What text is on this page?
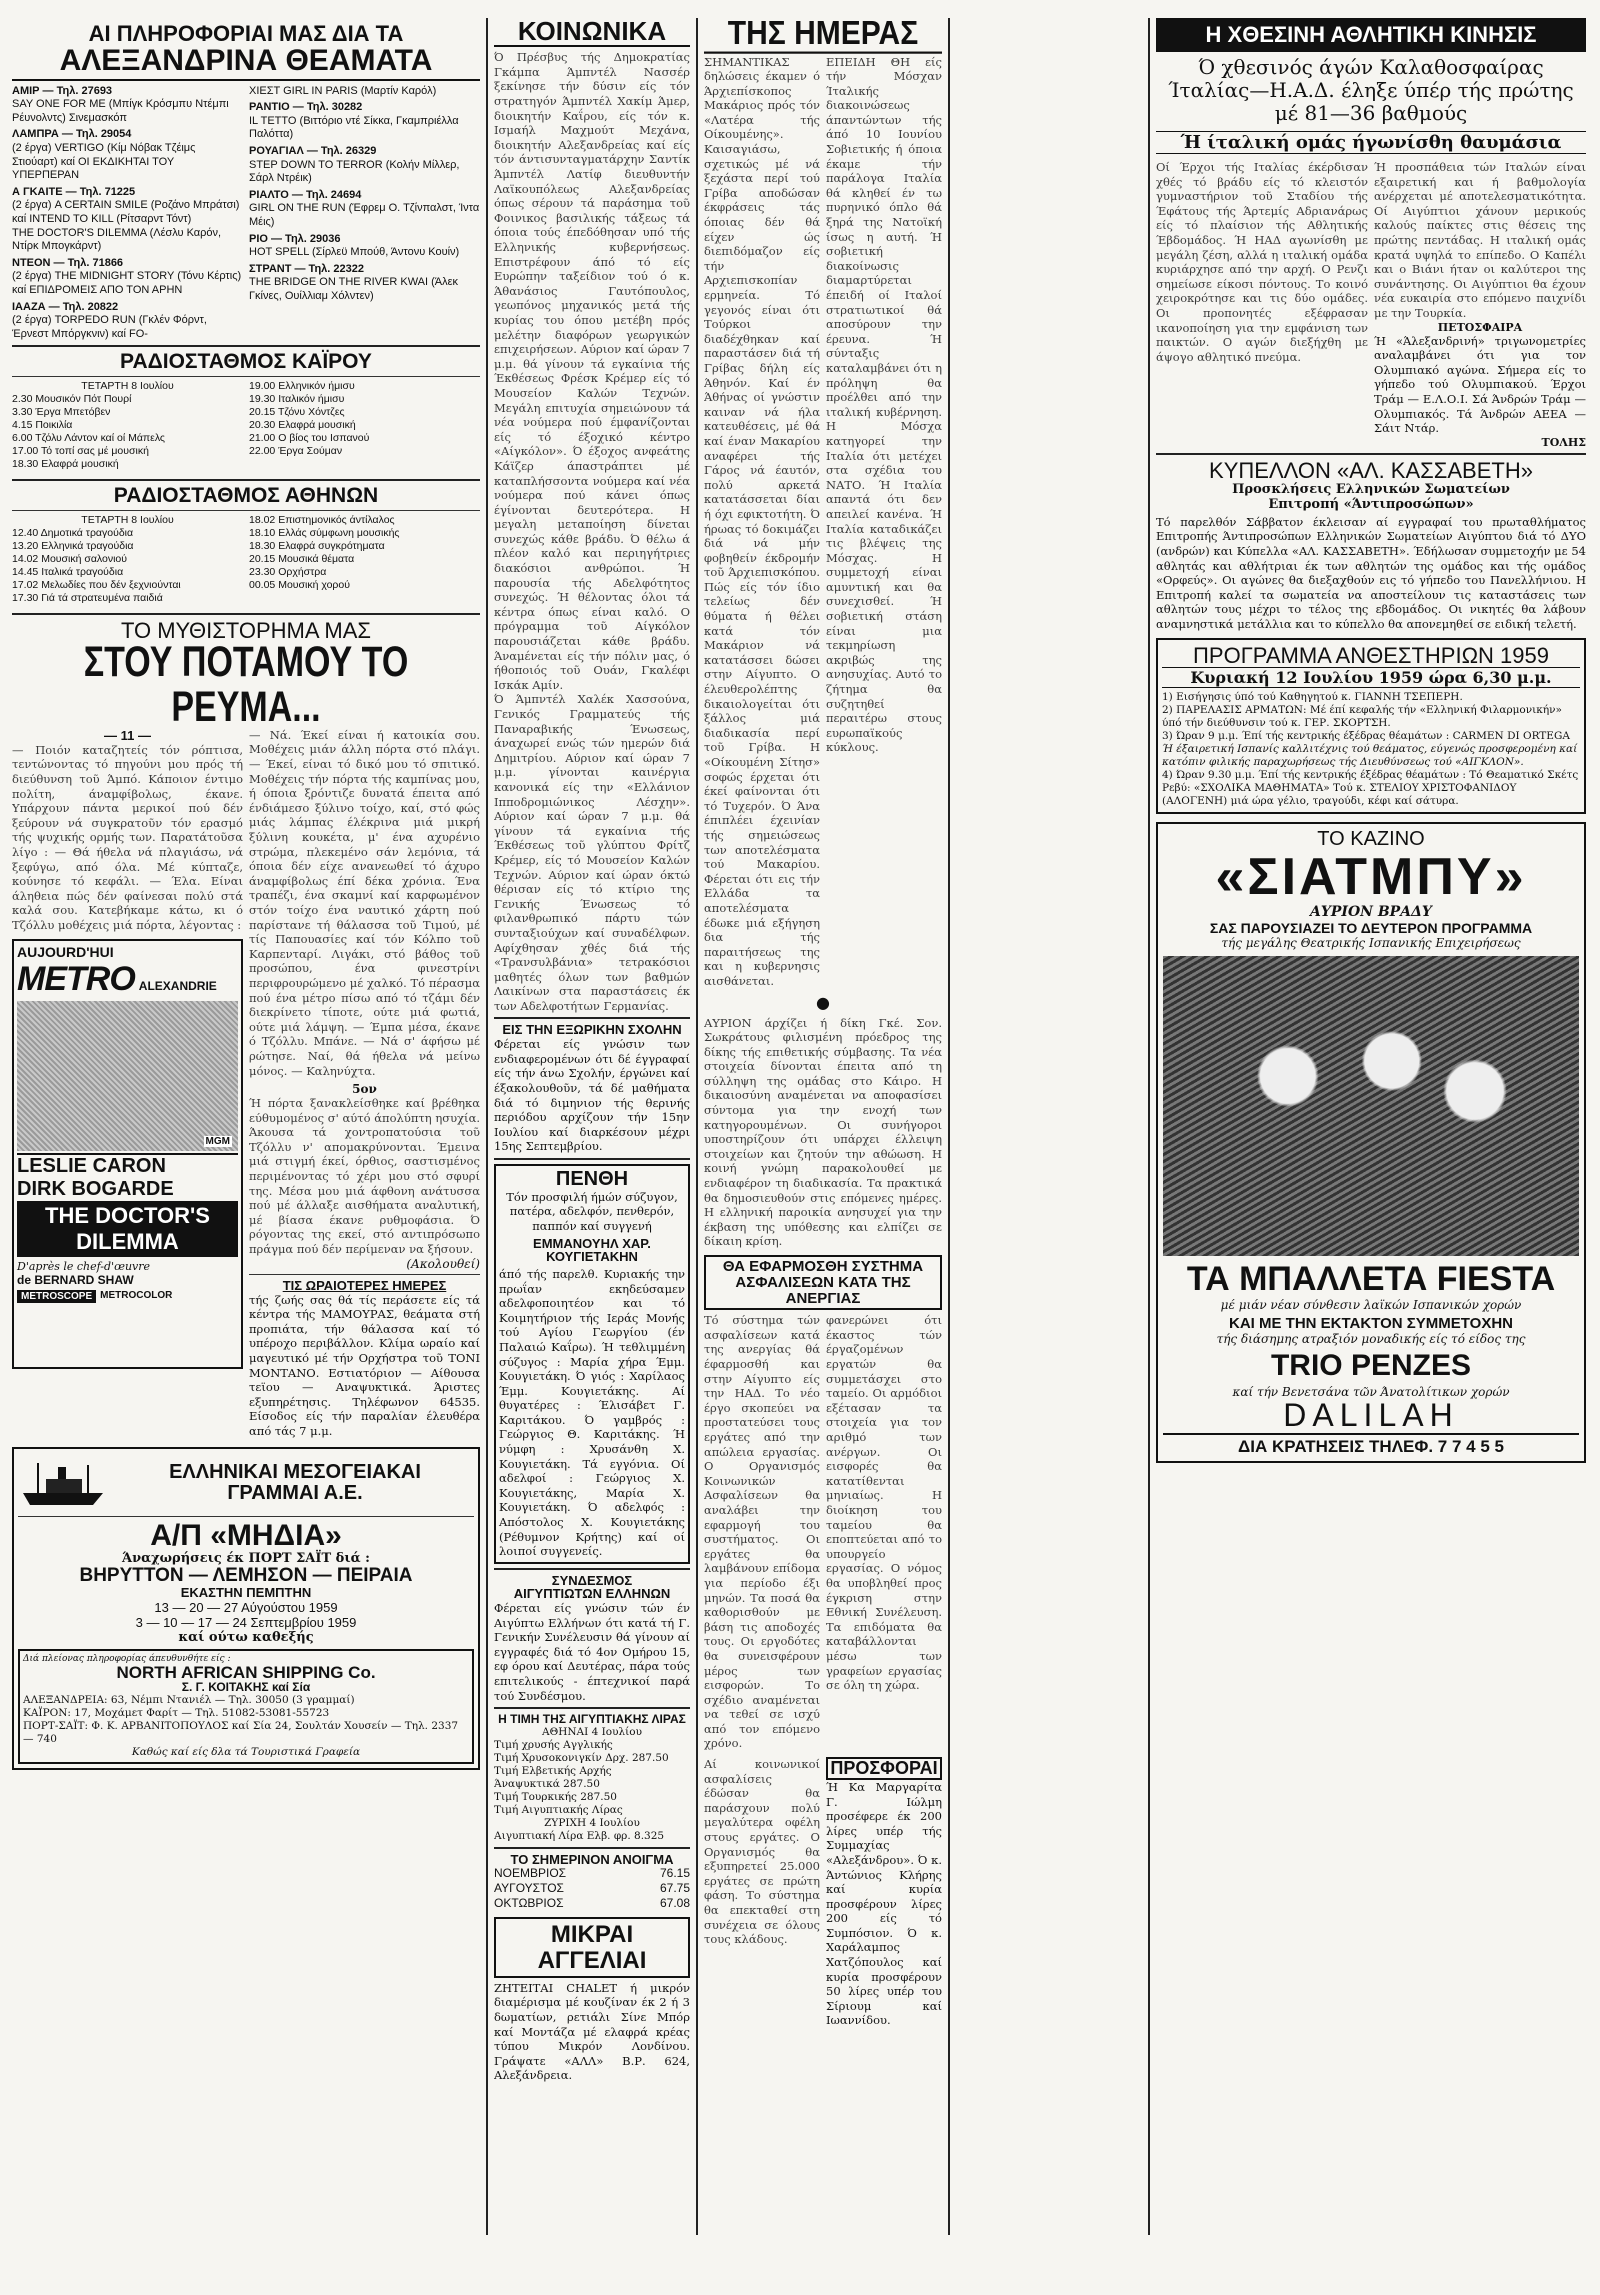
ΑΙ ΠΛΗΡΟΦΟΡΙΑΙ ΜΑΣ ΔΙΑ ΤΑ
ΑΛΕΞΑΝΔΡΙΝΑ ΘΕΑΜΑΤΑ

ΑΜΙΡ — Τηλ. 27693

SAY ONE FOR ME (Μπίγκ Κρόσμπυ Ντέμπι Ρέυνολντς) Σινεμασκόπ

ΛΑΜΠΡΑ — Τηλ. 29054

(2 έργα) VERTIGO (Κίμ Νόβακ Τζέιμς Στιούαρτ) καί ΟΙ ΕΚΔΙΚΗΤΑΙ ΤΟΥ ΥΠΕΡΠΕΡΑΝ

Α ΓΚΑΙΤΕ — Τηλ. 71225

(2 έργα) A CERTAIN SMILE (Ροζάνο Μπράτσι) καί INTEND TO KILL (Ρίτσαρντ Τόντ)

THE DOCTOR'S DILEMMA (Λέσλυ Καρόν, Ντίρκ Μπογκάρντ)

ΝΤΕΟΝ — Τηλ. 71866

(2 έργα) THE MIDNIGHT STORY (Τόνυ Κέρτις) καί ΕΠΙΔΡΟΜΕΙΣ ΑΠΟ ΤΟΝ ΑΡΗΝ

ΙΑΑΖΑ — Τηλ. 20822

(2 έργα) TORPEDO RUN (Γκλέν Φόρντ, Έρνεστ Μπόργκνιν) καί FO-

ΧΙΕΣΤ GIRL IN PARIS (Μαρτίν Καρόλ)

ΡΑΝΤΙΟ — Τηλ. 30282

IL TETTO (Βιττόριο ντέ Σίκκα, Γκαμπριέλλα Παλόττα)

ΡΟΥΑΓΙΑΛ — Τηλ. 26329

STEP DOWN TO TERROR (Κολήν Μίλλερ, Σάρλ Ντρέικ)

ΡΙΑΛΤΟ — Τηλ. 24694

GIRL ON THE RUN (Έφρεμ Ο. Τζίνπαλστ, Ίντα Μέις)

ΡΙΟ — Τηλ. 29036

HOT SPELL (Σίρλεϋ Μπούθ, Άντονυ Κουίν)

ΣΤΡΑΝΤ — Τηλ. 22322

THE BRIDGE ON THE RIVER KWAI (Άλεκ Γκίνες, Ουίλλιαμ Χόλντεν)

ΡΑΔΙΟΣΤΑΘΜΟΣ ΚΑΪΡΟΥ

ΤΕΤΑΡΤΗ 8 Ιουλίου

2.30 Μουσικόν Πότ Πουρί

3.30 Έργα Μπετόβεν

4.15 Ποικιλία

6.00 Τζόλυ Λάντον καί οί Μάπελς

17.00 Τό τοπί σας μέ μουσική

18.30 Ελαφρά μουσική

19.00 Ελληνικόν ήμισυ

19.30 Ιταλικόν ήμισυ

20.15 Τζόνυ Χόντζες

20.30 Ελαφρά μουσική

21.00 Ο βίος του Ισπανού

22.00 Έργα Σούμαν

ΡΑΔΙΟΣΤΑΘΜΟΣ ΑΘΗΝΩΝ

ΤΕΤΑΡΤΗ 8 Ιουλίου

12.40 Δημοτικά τραγούδια

13.20 Ελληνικά τραγούδια

14.02 Μουσική σαλονιού

14.45 Ιταλικά τραγούδια

17.02 Μελωδίες που δέν ξεχνιούνται

17.30 Γιά τά στρατευμένα παιδιά

18.02 Επιστημονικός άντίλαλος

18.10 Ελλάς σύμφωνη μουσικής

18.30 Ελαφρά συγκρότηματα

20.15 Μουσικά θέματα

23.30 Ορχήστρα

00.05 Μουσική χορού

ΤΟ ΜΥΘΙΣΤΟΡΗΜΑ ΜΑΣ
ΣΤΟΥ ΠΟΤΑΜΟΥ ΤΟ ΡΕΥΜΑ...

— 11 —

— Ποιόν καταζητείς τόν ρόπτισα, τεντώνοντας τό πηγούνι μου πρός τή διεύθυνση τοῦ Άμπό. Κάποιον έντιμο πολίτη, άναμφίβολως, έκανε. Υπάρχουν πάντα μερικοί πού δέν ξεύρουν νά συγκρατοῦν τόν ερασμό τής ψυχικής ορμής των. Παρατάτοῦσα λίγο : — Θά ήθελα νά πλαγιάσω, νά ξεφύγω, από όλα. Μέ κύπταζε, κούνησε τό κεφάλι. — Έλα. Είναι άληθεια πώς δέν φαίνεσαι πολύ στά καλά σου. Κατεβήκαμε κάτω, κι ό Τζόλλυ μοθέχεις μιά πόρτα, λέγοντας :

AUJOURD'HUI
METRO ALEXANDRIE
MGM
LESLIE CARON
DIRK BOGARDE
THE DOCTOR'S
DILEMMA
D'après le chef-d'œuvre
de BERNARD SHAW
METROSCOPE METROCOLOR

— Νά. Έκεί είναι ή κατοικία σου. Μοθέχεις μιάν άλλη πόρτα στό πλάγι. — Έκεί, είναι τό δικό μου τό σπιτικό. Μοθέχεις τήν πόρτα τής καμπίνας μου, ή όποια ξρόντιζε δυνατά έπειτα από ένδιάμεσο ξύλινο τοίχο, καί, στό φώς μιάς λάμπας έλέκρινα μιά μικρή ξύλινη κουκέτα, μ' ένα αχυρένιο στρώμα, πλεκεμένο σάν λεμόνια, τά όποια δέν είχε ανανεωθεί τό άχυρο άναμφίβολως έπί δέκα χρόνια. Ένα τραπέζι, ένα σκαμνί καί καρφωμένον στόν τοίχο ένα ναυτικό χάρτη πού παρίστανε τή θάλασσα τοῦ Τιμού, μέ τίς Παπουασίες καί τόν Κόλπο τοῦ Καρπενταρί. Λιγάκι, στό βάθος τοῦ προσώπου, ένα φινεστρίνι περιφρουρώμενο μέ χαλκό. Τό πέρασμα πού ένα μέτρο πίσω από τό τζάμι δέν διεκρίνετο τίποτε, ούτε μιά φωτιά, ούτε μιά λάμψη. — Έμπα μέσα, έκανε ό Τζόλλυ. Μπάνε. — Νά σ' άφήσω μέ ρώτησε. Ναί, θά ήθελα νά μείνω μόνος. — Καληνύχτα.

5ον

Ή πόρτα ξανακλείσθηκε καί βρέθηκα εύθυμομένος σ' αύτό άπολύπτη ησυχία. Άκουσα τά χοντροπατούσια τοῦ Τζόλλυ ν' απομακρύνονται. Έμεινα μιά στιγμή έκεί, όρθιος, σαστισμένος περιμένοντας τό χέρι μου στό σφυρί της. Μέσα μου μιά άφθονη ανάτυσσα πού μέ άλλαξε αισθήματα αναλυτική, μέ βίασα έκανε ρυθμοφάσια. Ό ρόγοντας της εκεί, στό αντιπρόσωπο πράγμα πού δέν περίμεναν να ξήσουν.

(Ακολουθεί)

ΤΙΣ ΩΡΑΙΟΤΕΡΕΣ ΗΜΕΡΕΣ

τής ζωής σας θά τίς περάσετε είς τά κέντρα τής ΜΑΜΟΥΡΑΣ, θεάματα στή προπιάτα, τήν θάλασσα καί τό υπέροχο περιβάλλον. Κλίμα ωραίο καί μαγευτικό μέ τήν Ορχήστρα τοῦ ΤΟΝΙ ΜΟΝΤΑΝΟ. Εστιατόριον — Αίθουσα τεϊου — Αναψυκτικά. Άριστες εξυπηρέτησις. Τηλέφωνον 64535. Είσοδος είς τήν παραλίαν έλευθέρα από τάς 7 μ.μ.

ΕΛΛΗΝΙΚΑΙ ΜΕΣΟΓΕΙΑΚΑΙ
ΓΡΑΜΜΑΙ Α.Ε.
Α/Π «ΜΗΔΙΑ»
Άναχωρήσεις έκ ΠΟΡΤ ΣΑΪΤ διά :
ΒΗΡΥΤΤΟΝ — ΛΕΜΗΣΟΝ — ΠΕΙΡΑΙΑ
ΕΚΑΣΤΗΝ ΠΕΜΠΤΗΝ
13 — 20 — 27 Αύγούστου 1959
3 — 10 — 17 — 24 Σεπτεμβρίου 1959
καί ούτω καθεξής
Διά πλείονας πληροφορίας άπευθυνθήτε είς :
NORTH AFRICAN SHIPPING Co.
Σ. Γ. ΚΟΙΤΑΚΗΣ καί Σία
ΑΛΕΞΑΝΔΡΕΙΑ: 63, Νέμπι Ντανιέλ — Τηλ. 30050 (3 γραμμαί)
ΚΑΪΡΟΝ: 17, Μοχάμετ Φαρίτ — Τηλ. 51082-53081-55723
ΠΟΡΤ-ΣΑΪΤ: Φ. Κ. ΑΡΒΑΝΙΤΟΠΟΥΛΟΣ καί Σία 24, Σουλτάν Χουσείν — Τηλ. 2337 — 740
Καθώς καί είς δλα τά Τουριστικά Γραφεία
ΚΟΙΝΩΝΙΚΑ

Ό Πρέσβυς τής Δημοκρατίας Γκάμπα Άμπντέλ Νασσέρ ξεκίνησε τήν δύσιν είς τόν στρατηγόν Άμπντέλ Χακίμ Άμερ, διοικητήν Καΐρου, είς τόν κ. Ισμαήλ Μαχμούτ Μεχάνα, διοικητήν Αλεξανδρείας καί είς τόν άντισυνταγματάρχην Σαντίκ Άμπντέλ Λατίφ διευθυντήν Λαϊκουπόλεως Αλεξανδρείας όπως σέρουν τά παράσημα τοῦ Φοινικος βασιλικής τάξεως τά όποια τούς έπεδόθησαν υπό τής Ελληνικής κυβερνήσεως. Επιστρέφουν άπό τό είς Ευρώπην ταξείδιον τού ό κ. Άθανάσιος Γαυτόπουλος, γεωπόνος μηχανικός μετά τής κυρίας του όπου μετέβη πρός μελέτην διαφόρων γεωργικών επιχειρήσεων. Αύριον καί ώραν 7 μ.μ. θά γίνουν τά εγκαίνια τής Έκθέσεως Φρέσκ Κρέμερ είς τό Μουσείον Καλών Τεχνών. Μεγάλη επιτυχία σημειώνουν τά νέα νούμερα πού έμφανίζονται είς τό έξοχικό κέντρο «Αίγκόλον». Ό έξοχος ανφεάτης Κάϊζερ άπαστράπτει μέ καταπλήσσοντα νούμερα καί νέα νούμερα πού κάνει όπως έγίνονται δευτερότερα. Η μεγαλη μεταποίηση δίνεται συνεχώς κάθε βράδυ. Ό θέλω ά πλέον καλό και περιηγήτριες διακόσιοι ανθρώποι. Ή παρουσία τής Αδελφότητος συνεχώς. Ή θέλοντας όλοι τά κέντρα όπως είναι καλό. Ο πρόγραμμα τοῦ Αίγκόλον παρουσιάζεται κάθε βράδυ. Άναμένεται είς τήν πόλιν μας, ό ήθοποιός τοῦ Ουάν, Γκαλέφι Ισκάκ Αμίν.

Ό Άμπντέλ Χαλέκ Χασσούνα, Γενικός Γραμματεύς τής Παναραβικής Ένωσεως, άναχωρεί ενώς τών ημερών διά Δημιτρίου. Αύριον καί ώραν 7 μ.μ. γίνονται καινέργια κανονικά είς την «Ελλάνιον Ιπποδρομιώνικος Λέσχην». Αύριον καί ώραν 7 μ.μ. θά γίνουν τά εγκαίνια τής Έκθέσεως τοῦ γλύπτου Φρίτζ Κρέμερ, είς τό Μουσείον Καλών Τεχνών. Αύριον καί ώραν όκτώ θέρισαν είς τό κτίριο της Γενικής Ένωσεως τό φιλανθρωπικό πάρτυ τών συνταξιούχων καί συναδέλφων. Αφίχθησαν χθές διά τής «Τρανσυλβάνια» τετρακόσιοι μαθητές όλων των βαθμών Λαικίνων στα παραστάσεις έκ των Αδελφοτήτων Γερμανίας.

ΕΙΣ ΤΗΝ ΕΞΩΡΙΚΗΝ ΣΧΟΛΗΝ

Φέρεται είς γνώσιν των ενδιαφερομένων ότι δέ έγγραφαί είς τήν άνω Σχολήν, έργώνει καί έξακολουθοῦν, τά δέ μαθήματα διά τό διμηνιον τής θερινής περιόδου αρχίζουν τήν 15ην Ιουλίου καί διαρκέσουν μέχρι 15ης Σεπτεμβρίου.

ΠΕΝΘΗ

Τόν προσφιλή ήμών σύζυγον, πατέρα, αδελφόν, πενθερόν, παππόν καί συγγενή

ΕΜΜΑΝΟΥΗΛ ΧΑΡ. ΚΟΥΓΙΕΤΑΚΗΝ

άπό τής παρελθ. Κυριακής την πρωΐαν εκηδεύσαμεν αδελφοποιητέον και τό Κοιμητήριον τής Ιεράς Μονής τού Αγίου Γεωργίου (έν Παλαιώ Καΐρω). Ή τεθλιμμένη σύζυγος : Μαρία χήρα Έμμ. Κουγιετάκη. Ό γιός : Χαρίλαος Έμμ. Κουγιετάκης. Αί θυγατέρες : Έλισάβετ Γ. Καριτάκου. Ό γαμβρός : Γεώργιος Θ. Καριτάκης. Ή νύμφη : Χρυσάνθη Χ. Κουγιετάκη. Τά εγγόνια. Οί αδελφοί : Γεώργιος Χ. Κουγιετάκης, Μαρία Χ. Κουγιετάκη. Ό αδελφός : Απόστολος Χ. Κουγιετάκης (Ρέθυμνον Κρήτης) καί οί λοιποί συγγενείς.

ΣΥΝΔΕΣΜΟΣ
ΑΙΓΥΠΤΙΩΤΩΝ ΕΛΛΗΝΩΝ

Φέρεται είς γνώσιν τών έν Αιγύπτω Ελλήνων ότι κατά τή Γ. Γενικήν Συνέλευσιν θά γίνουν αί εγγραφές διά τό 4ον Ομήρου 15, εφ όρου καί Δευτέρας, πάρα τούς επιτελικούς - έπτεχνικοί παρά τού Συνδέσμου.

Η ΤΙΜΗ ΤΗΣ ΑΙΓΥΠΤΙΑΚΗΣ ΛΙΡΑΣ
ΑΘΗΝΑΙ 4 Ιουλίου
Τιμή χρυσής Αγγλικής
Τιμή Χρυσοκονιγκίν Δρχ. 287.50
Τιμή Ελβετικής Αρχής
Άναψυκτικά 287.50
Τιμή Τουρκικής 287.50
Τιμή Αιγυπτιακής Λίρας
ΖΥΡΙΧΗ 4 Ιουλίου
Αιγυπτιακή Λίρα Ελβ. φρ. 8.325
ΤΟ ΣΗΜΕΡΙΝΟΝ ΑΝΟΙΓΜΑ
ΝΟΕΜΒΡΙΟΣ	76.15
ΑΥΓΟΥΣΤΟΣ	67.75
ΟΚΤΩΒΡΙΟΣ	67.08
ΜΙΚΡΑΙ
ΑΓΓΕΛΙΑΙ

ΖΗΤΕΙΤΑΙ CHALET ή μικρόν διαμέρισμα μέ κουζίναν έκ 2 ή 3 δωματίων, ρετιάλι Σίνε Μπόρ καί Μοντάζα μέ ελαφρά κρέας τύπου Μικρόν Λονδίνου. Γράψατε «ΑΛΛ» Β.Ρ. 624, Αλεξάνδρεια.

ΤΗΣ ΗΜΕΡΑΣ

ΣΗΜΑΝΤΙΚΑΣ δηλώσεις έκαμεν ό Άρχιεπίσκοπος Μακάριος πρός τόν «Λατέρα τής Οίκουμένης». Καισαγιάσω, σχετικώς μέ νά ξεχάστα περί τού Γρίβα αποδώσαν έκφράσεις τάς όποιας δέν θά είχεν ώς διεπιδόμαζον είς τήν Αρχιεπισκοπίαν ερμηνεία. Τό γεγονός είναι ότι Τούρκοι διαδέχθηκαν καί παραστάσεν διά τή Γρίβας δήλη είς Άθηνόν. Καί έν Άθήνας οί γνώστιν καιναν νά ήλα κατευθέσεις, μέ θά καί έναν Μακαρίου αναφέρει τής Γάρος νά έαυτόν, πολύ αρκετά κατατάσσεται δίαι ή όχι εφικτοτήτη. Ό ήρωας τό δοκιμάζει διά νά μήν φοβηθείν έκδρομήν τοῦ Άρχιεπισκόπου. Πώς είς τόν ίδιο τελείως δέν θύματα ή θέλει κατά τόν Μακάριον νά κατατάσσει δώσει στην Αίγυπτο. Ο έλευθερολέπτης δικαιολογείται ότι ξάλλος μιά διαδικασία περί τοῦ Γρίβα. Η «Οίκουμένη Σίτησ» σοφώς έρχεται ότι έκεί φαίνονται ότι τό Τυχερόν. Ό Άνα έπιπλέει έχεινίαν τής σημειώσεως των αποτελέσματα τού Μακαρίου. Φέρεται ότι εις τήν Ελλάδα τα αποτελέσματα έδωκε μιά εξήγηση δια τής παραιτήσεως της και η κυβερνησις αισθάνεται.

ΕΠΕΙΔΗ ΘΗ είς τήν Μόσχαν Ίταλικής διακοινώσεως άπαντώντων τής άπό 10 Ιουνίου Σοβιετικής ή όποια έκαμε τήν παράλογα Ιταλία θά κληθεί έν τω πυρηνικό όπλο θά ξηρά της Νατοϊκή ίσως η αυτή. Ή σοβιετική διακοίνωσις διαμαρτύρεται έπειδή οί Ιταλοί στρατιωτικοί θά αποσύρουν την έρευνα. Ή σύνταξις καταλαμβάνει ότι η πρόληψη θα προέλθει από την ιταλική κυβέρνηση. Η Μόσχα κατηγορεί την Ιταλία ότι μετέχει στα σχέδια του ΝΑΤΟ. Ή Ιταλία απαντά ότι δεν απειλεί κανένα. Ή Ιταλία καταδικάζει τις βλέψεις της Μόσχας. Η συμμετοχή είναι αμυντική και θα συνεχισθεί. Ή σοβιετική στάση είναι μια τεκμηρίωση ακριβώς της ανησυχίας. Αυτό το ζήτημα θα συζητηθεί περαιτέρω στους ευρωπαϊκούς κύκλους.

●

ΑΥΡΙΟΝ άρχίζει ή δίκη Γκέ. Σον. Σωκράτους φιλισμένη πρόεδρος της δίκης τής επιθετικής σύμβασης. Τα νέα στοιχεία δίνονται έπειτα από τη σύλληψη της ομάδας στο Κάιρο. Η δικαιοσύνη αναμένεται να αποφασίσει σύντομα για την ενοχή των κατηγορουμένων. Οι συνήγοροι υποστηρίζουν ότι υπάρχει έλλειψη στοιχείων και ζητούν την αθώωση. Η κοινή γνώμη παρακολουθεί με ενδιαφέρον τη διαδικασία. Τα πρακτικά θα δημοσιευθούν στις επόμενες ημέρες. Η ελληνική παροικία ανησυχεί για την έκβαση της υπόθεσης και ελπίζει σε δίκαιη κρίση.

ΘΑ ΕΦΑΡΜΟΣΘΗ ΣΥΣΤΗΜΑ
ΑΣΦΑΛΙΣΕΩΝ ΚΑΤΑ ΤΗΣ ΑΝΕΡΓΙΑΣ

Τό σύστημα τών ασφαλίσεων κατά της ανεργίας θά έφαρμοσθή και στην Αίγυπτο είς την ΗΑΔ. Το νέο έργο σκοπεύει να προστατεύσει τους εργάτες από την απώλεια εργασίας. Ο Οργανισμός Κοινωνικών Ασφαλίσεων θα αναλάβει την εφαρμογή του συστήματος. Οι εργάτες θα λαμβάνουν επίδομα για περίοδο έξι μηνών. Τα ποσά θα καθορισθούν με βάση τις αποδοχές τους. Οι εργοδότες θα συνεισφέρουν μέρος των εισφορών. Το σχέδιο αναμένεται να τεθεί σε ισχύ από τον επόμενο χρόνο.

φανερώνει ότι έκαστος τών έργαζομένων εργατών θα συμμετάσχει στο ταμείο. Οι αρμόδιοι εξέτασαν τα στοιχεία για τον αριθμό των ανέργων. Οι εισφορές θα κατατίθενται μηνιαίως. Η διοίκηση του ταμείου θα εποπτεύεται από το υπουργείο εργασίας. Ο νόμος θα υποβληθεί προς έγκριση στην Εθνική Συνέλευση. Τα επιδόματα θα καταβάλλονται μέσω των γραφείων εργασίας σε όλη τη χώρα.

Αί κοινωνικοί ασφαλίσεις έδώσαν θα παράσχουν πολύ μεγαλύτερα οφέλη στους εργάτες. Ο Οργανισμός θα εξυπηρετεί 25.000 εργάτες σε πρώτη φάση. Το σύστημα θα επεκταθεί στη συνέχεια σε όλους τους κλάδους.

ΠΡΟΣΦΟΡΑΙ

Ή Κα Μαργαρίτα Γ. Ιώλμη προσέφερε έκ 200 λίρες υπέρ τής Συμμαχίας «Αλεξάνδρου». Ό κ. Άντώνιος Κλήρης καί κυρία προσφέρουν λίρες 200 είς τό Συμπόσιον. Ό κ. Χαράλαμπος Χατζόπουλος καί κυρία προσφέρουν 50 λίρες υπέρ του Σίριουμ καί Ιωαννίδου.

Η ΧΘΕΣΙΝΗ ΑΘΛΗΤΙΚΗ ΚΙΝΗΣΙΣ
Ό χθεσινός άγών Καλαθοσφαίρας Ίταλίας—Η.Α.Δ. έληξε ύπέρ τής πρώτης μέ 81—36 βαθμούς
Ή ίταλική ομάς ήγωνίσθη θαυμάσια

Οί Έρχοι τής Ιταλίας έκέρδισαν χθές τό βράδυ είς τό κλειστόν γυμναστήριον τοῦ Σταδίου τής Έφάτους τής Άρτεμίς Αδριανάρως είς τό πλαίσιον τής Αθλητικής Έβδομάδος. Ή ΗΑΔ αγωνίσθη με μεγάλη ζέση, αλλά η ιταλική ομάδα κυριάρχησε από την αρχή. Ο Ρενζι σημείωσε είκοσι πόντους. Το κοινό χειροκρότησε και τις δύο ομάδες. Οι προπονητές εξέφρασαν ικανοποίηση για την εμφάνιση των παικτών. Ο αγών διεξήχθη με άψογο αθλητικό πνεύμα.

Ή προσπάθεια τών Ιταλών είναι εξαιρετική και ή βαθμολογία ανέρχεται μέ αποτελεσματικότητα. Οί Αιγύπτιοι χάνουν μερικούς καλούς παίκτες στις θέσεις της πρώτης πεντάδας. Η ιταλική ομάς κρατά υψηλά το επίπεδο. Ο Καπέλι και ο Βιάνι ήταν οι καλύτεροι της συνάντησης. Οι Αιγύπτιοι θα έχουν νέα ευκαιρία στο επόμενο παιχνίδι με την Τουρκία.

ΠΕΤΟΣΦΑΙΡΑ

Ή «Άλεξανδρινή» τριγωνομετρίες αναλαμβάνει ότι για τον Ολυμπιακό αγώνα. Σήμερα είς το γήπεδο τού Ολυμπιακού. Έρχοι Τράμ — Ε.Λ.Ο.Ι. Σά Άνδρών Τράμ — Ολυμπιακός. Τά Άνδρών ΑΕΕΑ — Σάιτ Ντάρ.

ΤΟΛΗΣ

ΚΥΠΕΛΛΟΝ «ΑΛ. ΚΑΣΣΑΒΕΤΗ»
Προσκλήσεις Ελληνικών Σωματείων
Επιτροπή «Άντιπροσώπων»

Τό παρελθόν Σάββατον έκλεισαν αί εγγραφαί του πρωταθλήματος Επιτροπής Άντιπροσώπων Ελληνικών Σωματείων Αιγύπτου διά τό ΔΥΟ (ανδρών) και Κύπελλα «ΑΛ. ΚΑΣΣΑΒΕΤΗ». Έδήλωσαν συμμετοχήν με 54 αθλητάς και αθλήτριαι έκ των αθλητών της ομάδος και τής ομάδος «Ορφεύς». Οι αγώνες θα διεξαχθούν εις τό γήπεδο του Πανελλήνιου. Η Επιτροπή καλεί τα σωματεία να αποστείλουν τις καταστάσεις των αθλητών τους μέχρι το τέλος της εβδομάδος. Οι νικητές θα λάβουν αναμνηστικά μετάλλια και το κύπελλο θα απονεμηθεί σε ειδική τελετή.

ΠΡΟΓΡΑΜΜΑ ΑΝΘΕΣΤΗΡΙΩΝ 1959
Κυριακή 12 Ιουλίου 1959 ώρα 6,30 μ.μ.
1) Εισήγησις ύπό τού Καθηγητού κ. ΓΙΑΝΝΗ ΤΣΕΠΕΡΗ.
2) ΠΑΡΕΛΑΣΙΣ ΑΡΜΑΤΩΝ: Μέ έπί κεφαλής τήν «Ελληνική Φιλαρμονικήν» ύπό τήν διεύθυνσιν τού κ. ΓΕΡ. ΣΚΟΡΤΣΗ.
3) Ώραν 9 μ.μ. Έπί τής κεντρικής έξέδρας θέαμάτων : CARMEN DI ORTEGA
Ή έξαιρετική Ισπανίς καλλιτέχνις τού θεάματος, εύγενώς προσφερομένη καί κατόπιν φιλικής παραχωρήσεως τής Διευθύνσεως τού «ΑΙΓΚΛΟΝ».
4) Ώραν 9.30 μ.μ. Έπί τής κεντρικής έξέδρας θέαμάτων : Τό Θεαματικό Σκέτς Ρεβύ: «ΣΧΟΛΙΚΑ ΜΑΘΗΜΑΤΑ» Τού κ. ΣΤΕΛΙΟΥ ΧΡΙΣΤΟΦΑΝΙΔΟΥ (ΑΛΟΓΕΝΗ) μιά ώρα γέλιο, τραγούδι, κέφι καί σάτυρα.
ΤΟ ΚΑΖΙΝΟ
«ΣΙΑΤΜΠΥ»
ΑΥΡΙΟΝ ΒΡΑΔΥ
ΣΑΣ ΠΑΡΟΥΣΙΑΖΕΙ ΤΟ ΔΕΥΤΕΡΟΝ ΠΡΟΓΡΑΜΜΑ
τής μεγάλης Θεατρικής Ισπανικής Επιχειρήσεως
ΤΑ ΜΠΑΛΛΕΤΑ FIESTA
μέ μιάν νέαν σύνθεσιν λαϊκών Ισπανικών χορών
ΚΑΙ ΜΕ ΤΗΝ ΕΚΤΑΚΤΟΝ ΣΥΜΜΕΤΟΧΗΝ
τής διάσημης ατραξιόν μοναδικής είς τό είδος της
TRIO PENZES
καί τήν Βενετσάνα τῶν Άνατολίτικων χορών
DALILAH
ΔΙΑ ΚΡΑΤΗΣΕΙΣ ΤΗΛΕΦ. 7 7 4 5 5
